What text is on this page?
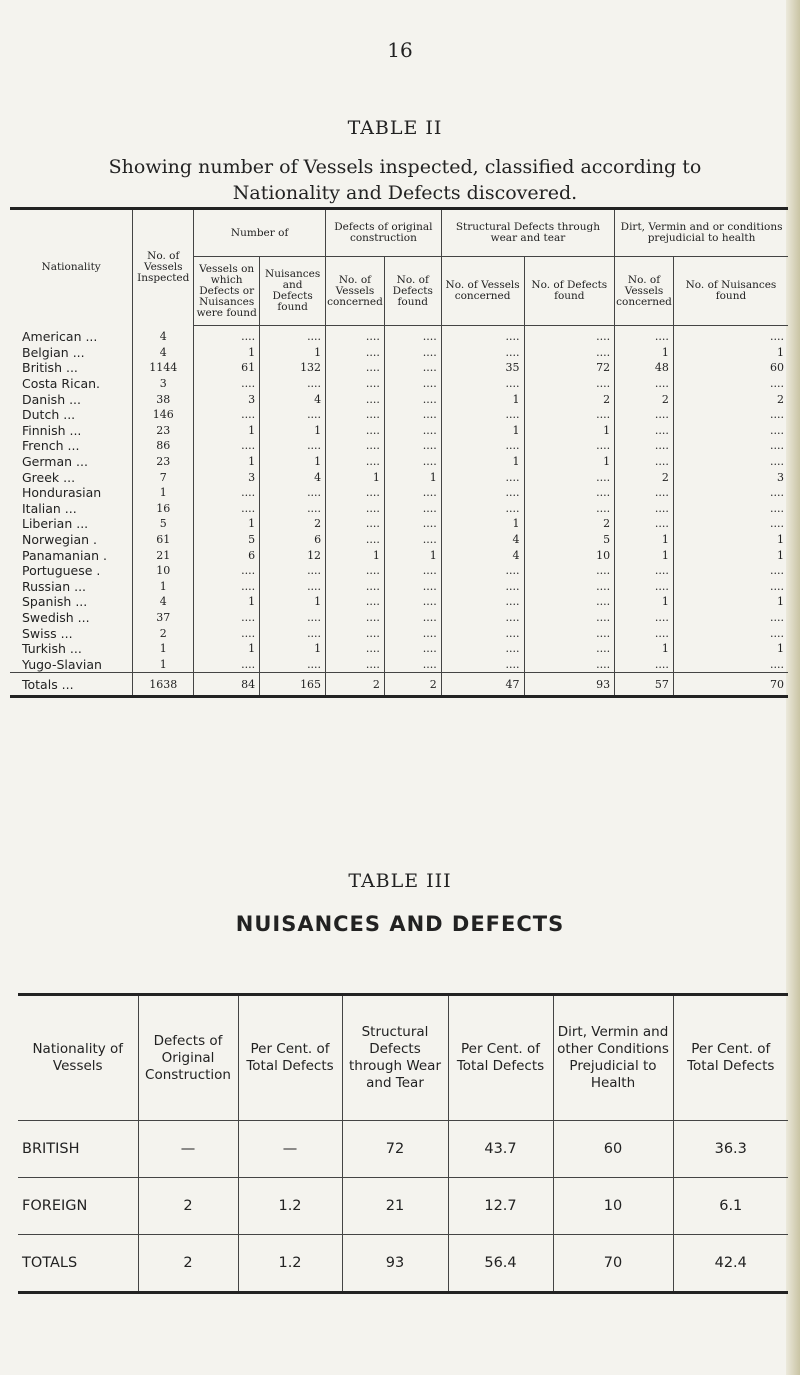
16
TABLE II
Showing number of Vessels inspected, classified according to Nationality and Defects discovered.
Nationality	No. of Vessels Inspected	Number of		Defects of original construction		Structural Defects through wear and tear		Dirt, Vermin and or conditions prejudicial to health	
		Vessels on which Defects or Nuisances were found	Nuisances and Defects found	No. of Vessels concerned	No. of Defects found	No. of Vessels concerned	No. of Defects found	No. of Vessels concerned	No. of Nuisances found
American ...	4	....	....	....	....	....	....	....	....
Belgian ...	4	1	1	....	....	....	....	1	1
British ...	1144	61	132	....	....	35	72	48	60
Costa Rican.	3	....	....	....	....	....	....	....	....
Danish ...	38	3	4	....	....	1	2	2	2
Dutch ...	146	....	....	....	....	....	....	....	....
Finnish ...	23	1	1	....	....	1	1	....	....
French ...	86	....	....	....	....	....	....	....	....
German ...	23	1	1	....	....	1	1	....	....
Greek ...	7	3	4	1	1	....	....	2	3
Hondurasian	1	....	....	....	....	....	....	....	....
Italian ...	16	....	....	....	....	....	....	....	....
Liberian ...	5	1	2	....	....	1	2	....	....
Norwegian .	61	5	6	....	....	4	5	1	1
Panamanian .	21	6	12	1	1	4	10	1	1
Portuguese .	10	....	....	....	....	....	....	....	....
Russian ...	1	....	....	....	....	....	....	....	....
Spanish ...	4	1	1	....	....	....	....	1	1
Swedish ...	37	....	....	....	....	....	....	....	....
Swiss ...	2	....	....	....	....	....	....	....	....
Turkish ...	1	1	1	....	....	....	....	1	1
Yugo-Slavian	1	....	....	....	....	....	....	....	....
Totals ...	1638	84	165	2	2	47	93	57	70
TABLE III
NUISANCES AND DEFECTS
Nationality of Vessels	Defects of Original Construction	Per Cent. of Total Defects	Structural Defects through Wear and Tear	Per Cent. of Total Defects	Dirt, Vermin and other Conditions Prejudicial to Health	Per Cent. of Total Defects
BRITISH	—	—	72	43.7	60	36.3
FOREIGN	2	1.2	21	12.7	10	6.1
TOTALS	2	1.2	93	56.4	70	42.4
